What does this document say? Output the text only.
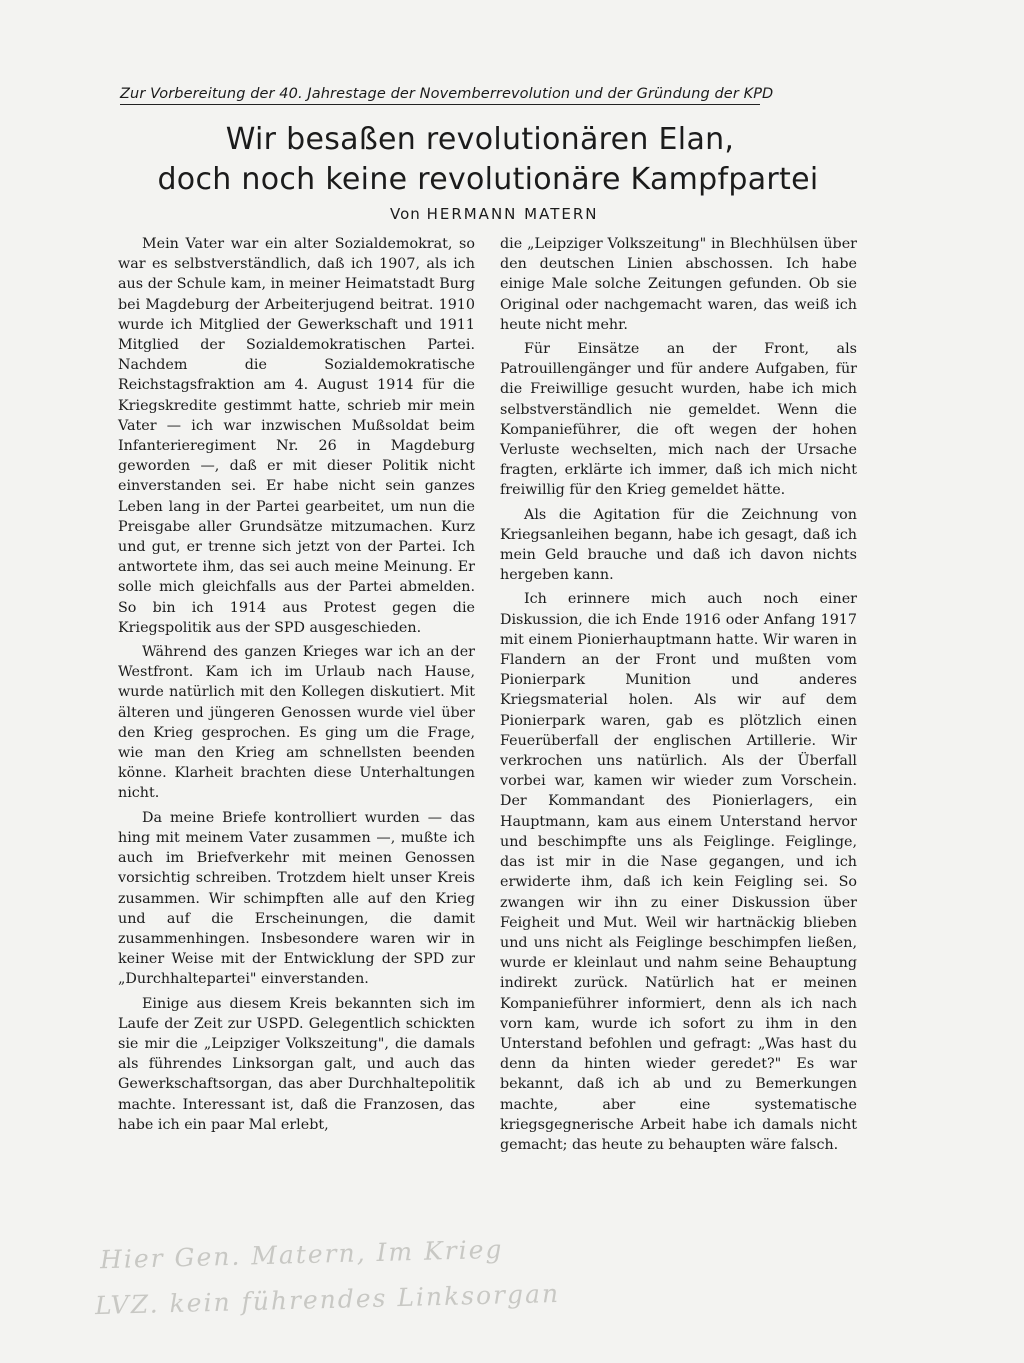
Zur Vorbereitung der 40. Jahrestage der Novemberrevolution und der Gründung der KPD
Wir besaßen revolutionären Elan,
doch noch keine revolutionäre Kampfpartei
Von HERMANN MATERN

Mein Vater war ein alter Sozialdemokrat, so war es selbstverständlich, daß ich 1907, als ich aus der Schule kam, in meiner Heimatstadt Burg bei Magdeburg der Arbeiterjugend beitrat. 1910 wurde ich Mitglied der Gewerkschaft und 1911 Mitglied der Sozialdemokratischen Partei. Nachdem die Sozialdemokratische Reichstagsfraktion am 4. August 1914 für die Kriegskredite gestimmt hatte, schrieb mir mein Vater — ich war inzwischen Mußsoldat beim Infanterieregiment Nr. 26 in Magdeburg geworden —, daß er mit dieser Politik nicht einverstanden sei. Er habe nicht sein ganzes Leben lang in der Partei gearbeitet, um nun die Preisgabe aller Grundsätze mitzumachen. Kurz und gut, er trenne sich jetzt von der Partei. Ich antwortete ihm, das sei auch meine Meinung. Er solle mich gleichfalls aus der Partei abmelden. So bin ich 1914 aus Protest gegen die Kriegspolitik aus der SPD ausgeschieden.

Während des ganzen Krieges war ich an der Westfront. Kam ich im Urlaub nach Hause, wurde natürlich mit den Kollegen diskutiert. Mit älteren und jüngeren Genossen wurde viel über den Krieg gesprochen. Es ging um die Frage, wie man den Krieg am schnellsten beenden könne. Klarheit brachten diese Unterhaltungen nicht.

Da meine Briefe kontrolliert wurden — das hing mit meinem Vater zusammen —, mußte ich auch im Briefverkehr mit meinen Genossen vorsichtig schreiben. Trotzdem hielt unser Kreis zusammen. Wir schimpften alle auf den Krieg und auf die Erscheinungen, die damit zusammenhingen. Insbesondere waren wir in keiner Weise mit der Entwicklung der SPD zur „Durchhaltepartei" einverstanden.

Einige aus diesem Kreis bekannten sich im Laufe der Zeit zur USPD. Gelegentlich schickten sie mir die „Leipziger Volkszeitung", die damals als führendes Linksorgan galt, und auch das Gewerkschaftsorgan, das aber Durchhaltepolitik machte. Interessant ist, daß die Franzosen, das habe ich ein paar Mal erlebt,

die „Leipziger Volkszeitung" in Blechhülsen über den deutschen Linien abschossen. Ich habe einige Male solche Zeitungen gefunden. Ob sie Original oder nachgemacht waren, das weiß ich heute nicht mehr.

Für Einsätze an der Front, als Patrouillengänger und für andere Aufgaben, für die Freiwillige gesucht wurden, habe ich mich selbstverständlich nie gemeldet. Wenn die Kompanieführer, die oft wegen der hohen Verluste wechselten, mich nach der Ursache fragten, erklärte ich immer, daß ich mich nicht freiwillig für den Krieg gemeldet hätte.

Als die Agitation für die Zeichnung von Kriegsanleihen begann, habe ich gesagt, daß ich mein Geld brauche und daß ich davon nichts hergeben kann.

Ich erinnere mich auch noch einer Diskussion, die ich Ende 1916 oder Anfang 1917 mit einem Pionierhauptmann hatte. Wir waren in Flandern an der Front und mußten vom Pionierpark Munition und anderes Kriegsmaterial holen. Als wir auf dem Pionierpark waren, gab es plötzlich einen Feuerüberfall der englischen Artillerie. Wir verkrochen uns natürlich. Als der Überfall vorbei war, kamen wir wieder zum Vorschein. Der Kommandant des Pionierlagers, ein Hauptmann, kam aus einem Unterstand hervor und beschimpfte uns als Feiglinge. Feiglinge, das ist mir in die Nase gegangen, und ich erwiderte ihm, daß ich kein Feigling sei. So zwangen wir ihn zu einer Diskussion über Feigheit und Mut. Weil wir hartnäckig blieben und uns nicht als Feiglinge beschimpfen ließen, wurde er kleinlaut und nahm seine Behauptung indirekt zurück. Natürlich hat er meinen Kompanieführer informiert, denn als ich nach vorn kam, wurde ich sofort zu ihm in den Unterstand befohlen und gefragt: „Was hast du denn da hinten wieder geredet?" Es war bekannt, daß ich ab und zu Bemerkungen machte, aber eine systematische kriegsgegnerische Arbeit habe ich damals nicht gemacht; das heute zu behaupten wäre falsch.

Hier Gen. Matern, Im Krieg
LVZ. kein führendes Linksorgan
